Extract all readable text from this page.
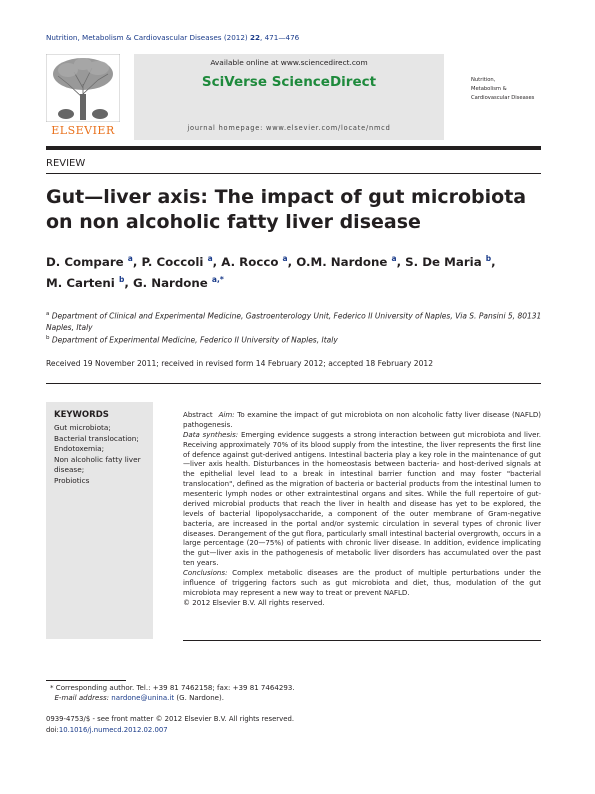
Nutrition, Metabolism & Cardiovascular Diseases (2012) 22, 471—476
ELSEVIER
Available online at www.sciencedirect.com
SciVerse ScienceDirect
journal homepage: www.elsevier.com/locate/nmcd
Nutrition,
Metabolism &
Cardiovascular Diseases
REVIEW
Gut—liver axis: The impact of gut microbiota on non alcoholic fatty liver disease
D. Compare $^a$, P. Coccoli $^a$, A. Rocco $^a$, O.M. Nardone $^a$, S. De Maria $^b$,
M. Carteni $^b$, G. Nardone $^{a,*}$
$^a$ Department of Clinical and Experimental Medicine, Gastroenterology Unit, Federico II University of Naples, Via S. Pansini 5, 80131 Naples, Italy
$^b$ Department of Experimental Medicine, Federico II University of Naples, Italy
Received 19 November 2011; received in revised form 14 February 2012; accepted 18 February 2012
KEYWORDS
Gut microbiota;
Bacterial translocation;
Endotoxemia;
Non alcoholic fatty liver disease;
Probiotics

Abstract Aim: To examine the impact of gut microbiota on non alcoholic fatty liver disease (NAFLD) pathogenesis.

Data synthesis: Emerging evidence suggests a strong interaction between gut microbiota and liver. Receiving approximately 70% of its blood supply from the intestine, the liver represents the first line of defence against gut-derived antigens. Intestinal bacteria play a key role in the maintenance of gut—liver axis health. Disturbances in the homeostasis between bacteria- and host-derived signals at the epithelial level lead to a break in intestinal barrier function and may foster "bacterial translocation", defined as the migration of bacteria or bacterial products from the intestinal lumen to mesenteric lymph nodes or other extraintestinal organs and sites. While the full repertoire of gut-derived microbial products that reach the liver in health and disease has yet to be explored, the levels of bacterial lipopolysaccharide, a component of the outer membrane of Gram-negative bacteria, are increased in the portal and/or systemic circulation in several types of chronic liver diseases. Derangement of the gut flora, particularly small intestinal bacterial overgrowth, occurs in a large percentage (20—75%) of patients with chronic liver disease. In addition, evidence implicating the gut—liver axis in the pathogenesis of metabolic liver disorders has accumulated over the past ten years.

Conclusions: Complex metabolic diseases are the product of multiple perturbations under the influence of triggering factors such as gut microbiota and diet, thus, modulation of the gut microbiota may represent a new way to treat or prevent NAFLD.

© 2012 Elsevier B.V. All rights reserved.

* Corresponding author. Tel.: +39 81 7462158; fax: +39 81 7464293.
E-mail address: nardone@unina.it (G. Nardone).
0939-4753/$ - see front matter © 2012 Elsevier B.V. All rights reserved.
doi:10.1016/j.numecd.2012.02.007
